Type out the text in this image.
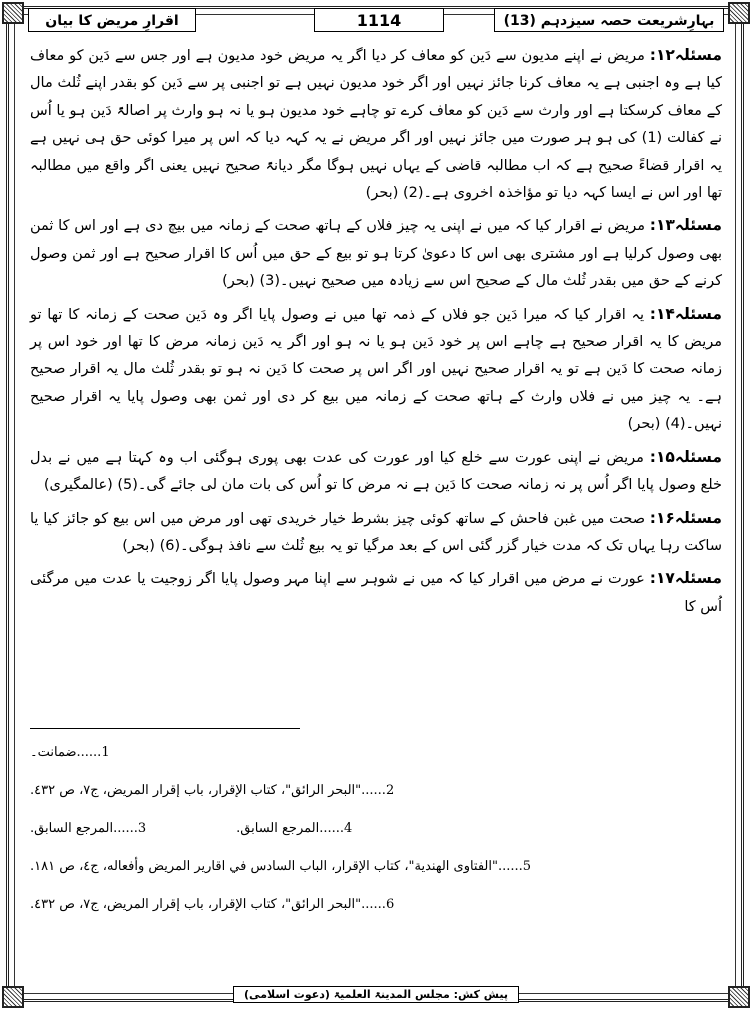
بہارِشریعت حصہ سیزدہم (13)
1114
اقرارِ مریض کا بیان

مسئلہ۱۲: مریض نے اپنے مدیون سے دَین کو معاف کر دیا اگر یہ مریض خود مدیون ہے اور جس سے دَین کو معاف کیا ہے وہ اجنبی ہے یہ معاف کرنا جائز نہیں اور اگر خود مدیون نہیں ہے تو اجنبی پر سے دَین کو بقدر اپنے ثُلث مال کے معاف کرسکتا ہے اور وارث سے دَین کو معاف کرے تو چاہے خود مدیون ہو یا نہ ہو وارث پر اصالۃً دَین ہو یا اُس نے کفالت (1) کی ہو ہر صورت میں جائز نہیں اور اگر مریض نے یہ کہہ دیا کہ اس پر میرا کوئی حق ہی نہیں ہے یہ اقرار قضاءً صحیح ہے کہ اب مطالبہ قاضی کے یہاں نہیں ہوگا مگر دیانۃً صحیح نہیں یعنی اگر واقع میں مطالبہ تھا اور اس نے ایسا کہہ دیا تو مؤاخذہ اخروی ہے۔(2) (بحر)

مسئلہ۱۳: مریض نے اقرار کیا کہ میں نے اپنی یہ چیز فلاں کے ہاتھ صحت کے زمانہ میں بیچ دی ہے اور اس کا ثمن بھی وصول کرلیا ہے اور مشتری بھی اس کا دعویٰ کرتا ہو تو بیع کے حق میں اُس کا اقرار صحیح ہے اور ثمن وصول کرنے کے حق میں بقدر ثُلث مال کے صحیح اس سے زیادہ میں صحیح نہیں۔(3) (بحر)

مسئلہ۱۴: یہ اقرار کیا کہ میرا دَین جو فلاں کے ذمہ تھا میں نے وصول پایا اگر وہ دَین صحت کے زمانہ کا تھا تو مریض کا یہ اقرار صحیح ہے چاہے اس پر خود دَین ہو یا نہ ہو اور اگر یہ دَین زمانہ مرض کا تھا اور خود اس پر زمانہ صحت کا دَین ہے تو یہ اقرار صحیح نہیں اور اگر اس پر صحت کا دَین نہ ہو تو بقدر ثُلث مال یہ اقرار صحیح ہے۔ یہ چیز میں نے فلاں وارث کے ہاتھ صحت کے زمانہ میں بیع کر دی اور ثمن بھی وصول پایا یہ اقرار صحیح نہیں۔(4) (بحر)

مسئلہ۱۵: مریض نے اپنی عورت سے خلع کیا اور عورت کی عدت بھی پوری ہوگئی اب وہ کہتا ہے میں نے بدل خلع وصول پایا اگر اُس پر نہ زمانہ صحت کا دَین ہے نہ مرض کا تو اُس کی بات مان لی جائے گی۔(5) (عالمگیری)

مسئلہ۱۶: صحت میں غبن فاحش کے ساتھ کوئی چیز بشرط خیار خریدی تھی اور مرض میں اس بیع کو جائز کیا یا ساکت رہا یہاں تک کہ مدت خیار گزر گئی اس کے بعد مرگیا تو یہ بیع ثُلث سے نافذ ہوگی۔(6) (بحر)

مسئلہ۱۷: عورت نے مرض میں اقرار کیا کہ میں نے شوہر سے اپنا مہر وصول پایا اگر زوجیت یا عدت میں مرگئی اُس کا

1......ضمانت۔
2......"البحر الرائق"، كتاب الإقرار، باب إقرار المريض، ج٧، ص ٤٣٢.
3......المرجع السابق.	4......المرجع السابق.
5......"الفتاوى الهندية"، كتاب الإقرار، الباب السادس في اقارير المريض وأفعاله، ج٤، ص ١٨١.
6......"البحر الرائق"، كتاب الإقرار، باب إقرار المريض، ج٧، ص ٤٣٢.
پیش کش: مجلس المدینۃ العلمیۃ (دعوت اسلامی)
